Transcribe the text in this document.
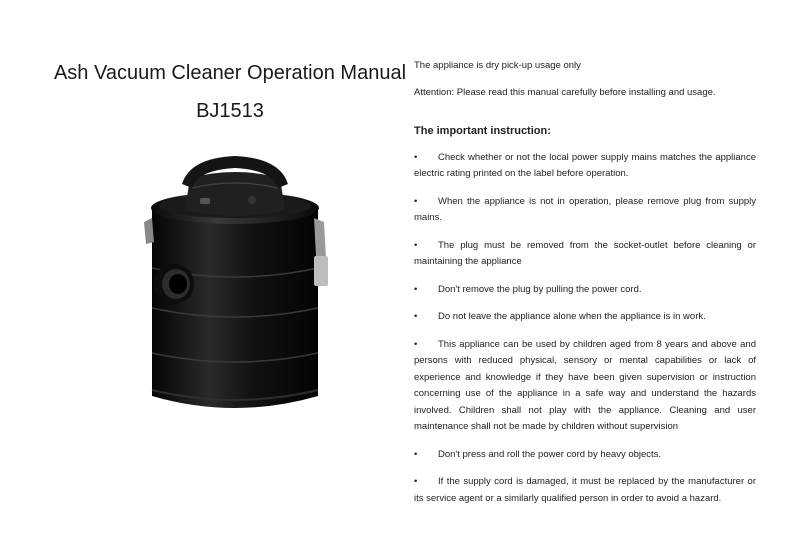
Ash Vacuum Cleaner Operation Manual
BJ1513

The appliance is dry pick-up usage only

Attention: Please read this manual carefully before installing and usage.

The important instruction:

• Check whether or not the local power supply mains matches the appliance electric rating printed on the label before operation.

• When the appliance is not in operation, please remove plug from supply mains.

• The plug must be removed from the socket-outlet before cleaning or maintaining the appliance

• Don't remove the plug by pulling the power cord.

• Do not leave the appliance alone when the appliance is in work.

• This appliance can be used by children aged from 8 years and above and persons with reduced physical, sensory or mental capabilities or lack of experience and knowledge if they have been given supervision or instruction concerning use of the appliance in a safe way and understand the hazards involved. Children shall not play with the appliance. Cleaning and user maintenance shall not be made by children without supervision

• Don't press and roll the power cord by heavy objects.

• If the supply cord is damaged, it must be replaced by the manufacturer or its service agent or a similarly qualified person in order to avoid a hazard.
